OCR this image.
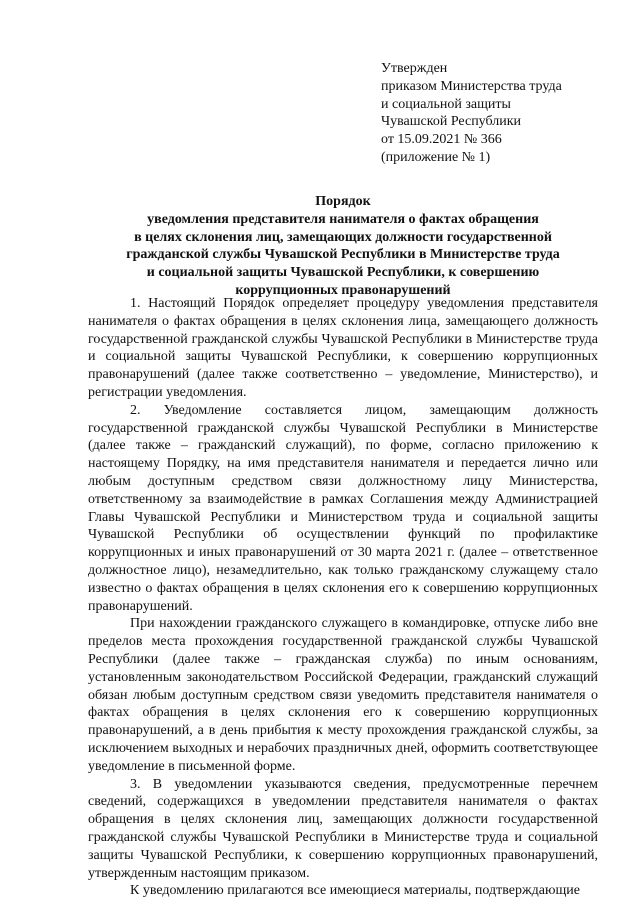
Утвержден
приказом Министерства труда
и социальной защиты
Чувашской Республики
от 15.09.2021 № 366
(приложение № 1)
Порядок
уведомления представителя нанимателя о фактах обращения
в целях склонения лиц, замещающих должности государственной
гражданской службы Чувашской Республики в Министерстве труда
и социальной защиты Чувашской Республики, к совершению
коррупционных правонарушений

1. Настоящий Порядок определяет процедуру уведомления представителя нанимателя о фактах обращения в целях склонения лица, замещающего должность государственной гражданской службы Чувашской Республики в Министерстве труда и социальной защиты Чувашской Республики, к совершению коррупционных правонарушений (далее также соответственно – уведомление, Министерство), и регистрации уведомления.

2. Уведомление составляется лицом, замещающим должность государственной гражданской службы Чувашской Республики в Министерстве (далее также – гражданский служащий), по форме, согласно приложению к настоящему Порядку, на имя представителя нанимателя и передается лично или любым доступным средством связи должностному лицу Министерства, ответственному за взаимодействие в рамках Соглашения между Администрацией Главы Чувашской Республики и Министерством труда и социальной защиты Чувашской Республики об осуществлении функций по профилактике коррупционных и иных правонарушений от 30 марта 2021 г. (далее – ответственное должностное лицо), незамедлительно, как только гражданскому служащему стало известно о фактах обращения в целях склонения его к совершению коррупционных правонарушений.

При нахождении гражданского служащего в командировке, отпуске либо вне пределов места прохождения государственной гражданской службы Чувашской Республики (далее также – гражданская служба) по иным основаниям, установленным законодательством Российской Федерации, гражданский служащий обязан любым доступным средством связи уведомить представителя нанимателя о фактах обращения в целях склонения его к совершению коррупционных правонарушений, а в день прибытия к месту прохождения гражданской службы, за исключением выходных и нерабочих праздничных дней, оформить соответствующее уведомление в письменной форме.

3. В уведомлении указываются сведения, предусмотренные перечнем сведений, содержащихся в уведомлении представителя нанимателя о фактах обращения в целях склонения лиц, замещающих должности государственной гражданской службы Чувашской Республики в Министерстве труда и социальной защиты Чувашской Республики, к совершению коррупционных правонарушений, утвержденным настоящим приказом.

К уведомлению прилагаются все имеющиеся материалы, подтверждающие
